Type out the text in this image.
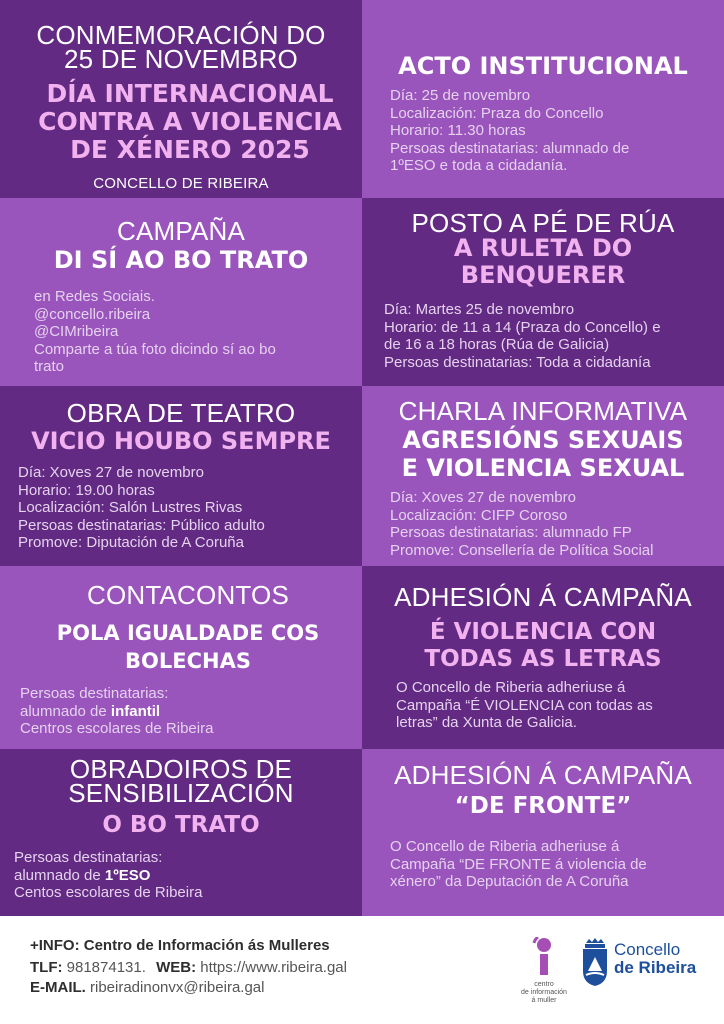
CONMEMORACIÓN DO
25 DE NOVEMBRO
DÍA INTERNACIONAL
CONTRA A VIOLENCIA
DE XÉNERO 2025
CONCELLO DE RIBEIRA
ACTO INSTITUCIONAL
Día: 25 de novembro
Localización: Praza do Concello
Horario: 11.30 horas
Persoas destinatarias: alumnado de
1ºESO e toda a cidadanía.
CAMPAÑA
DI SÍ AO BO TRATO
en Redes Sociais.
@concello.ribeira
@CIMribeira
Comparte a túa foto dicindo sí ao bo
trato
POSTO A PÉ DE RÚA
A RULETA DO
BENQUERER
Día: Martes 25 de novembro
Horario: de 11 a 14 (Praza do Concello) e
de 16 a 18 horas (Rúa de Galicia)
Persoas destinatarias: Toda a cidadanía
OBRA DE TEATRO
VICIO HOUBO SEMPRE
Día: Xoves 27 de novembro
Horario: 19.00 horas
Localización: Salón Lustres Rivas
Persoas destinatarias: Público adulto
Promove: Diputación de A Coruña
CHARLA INFORMATIVA
AGRESIÓNS SEXUAIS
E VIOLENCIA SEXUAL
Día: Xoves 27 de novembro
Localización: CIFP Coroso
Persoas destinatarias: alumnado FP
Promove: Consellería de Política Social
CONTACONTOS
POLA IGUALDADE COS
BOLECHAS
Persoas destinatarias:
alumnado de infantil
Centros escolares de Ribeira
ADHESIÓN Á CAMPAÑA
É VIOLENCIA CON
TODAS AS LETRAS
O Concello de Riberia adheriuse á
Campaña “É VIOLENCIA con todas as
letras” da Xunta de Galicia.
OBRADOIROS DE
SENSIBILIZACIÓN
O BO TRATO
Persoas destinatarias:
alumnado de 1ºESO
Centos escolares de Ribeira
ADHESIÓN Á CAMPAÑA
“DE FRONTE”
O Concello de Riberia adheriuse á
Campaña “DE FRONTE á violencia de
xénero” da Deputación de A Coruña
+INFO: Centro de Información ás Mulleres
TLF: 981874131. WEB: https://www.ribeira.gal
E-MAIL. ribeiradinonvx@ribeira.gal	centro
de información
á muller
Concello
de Ribeira
